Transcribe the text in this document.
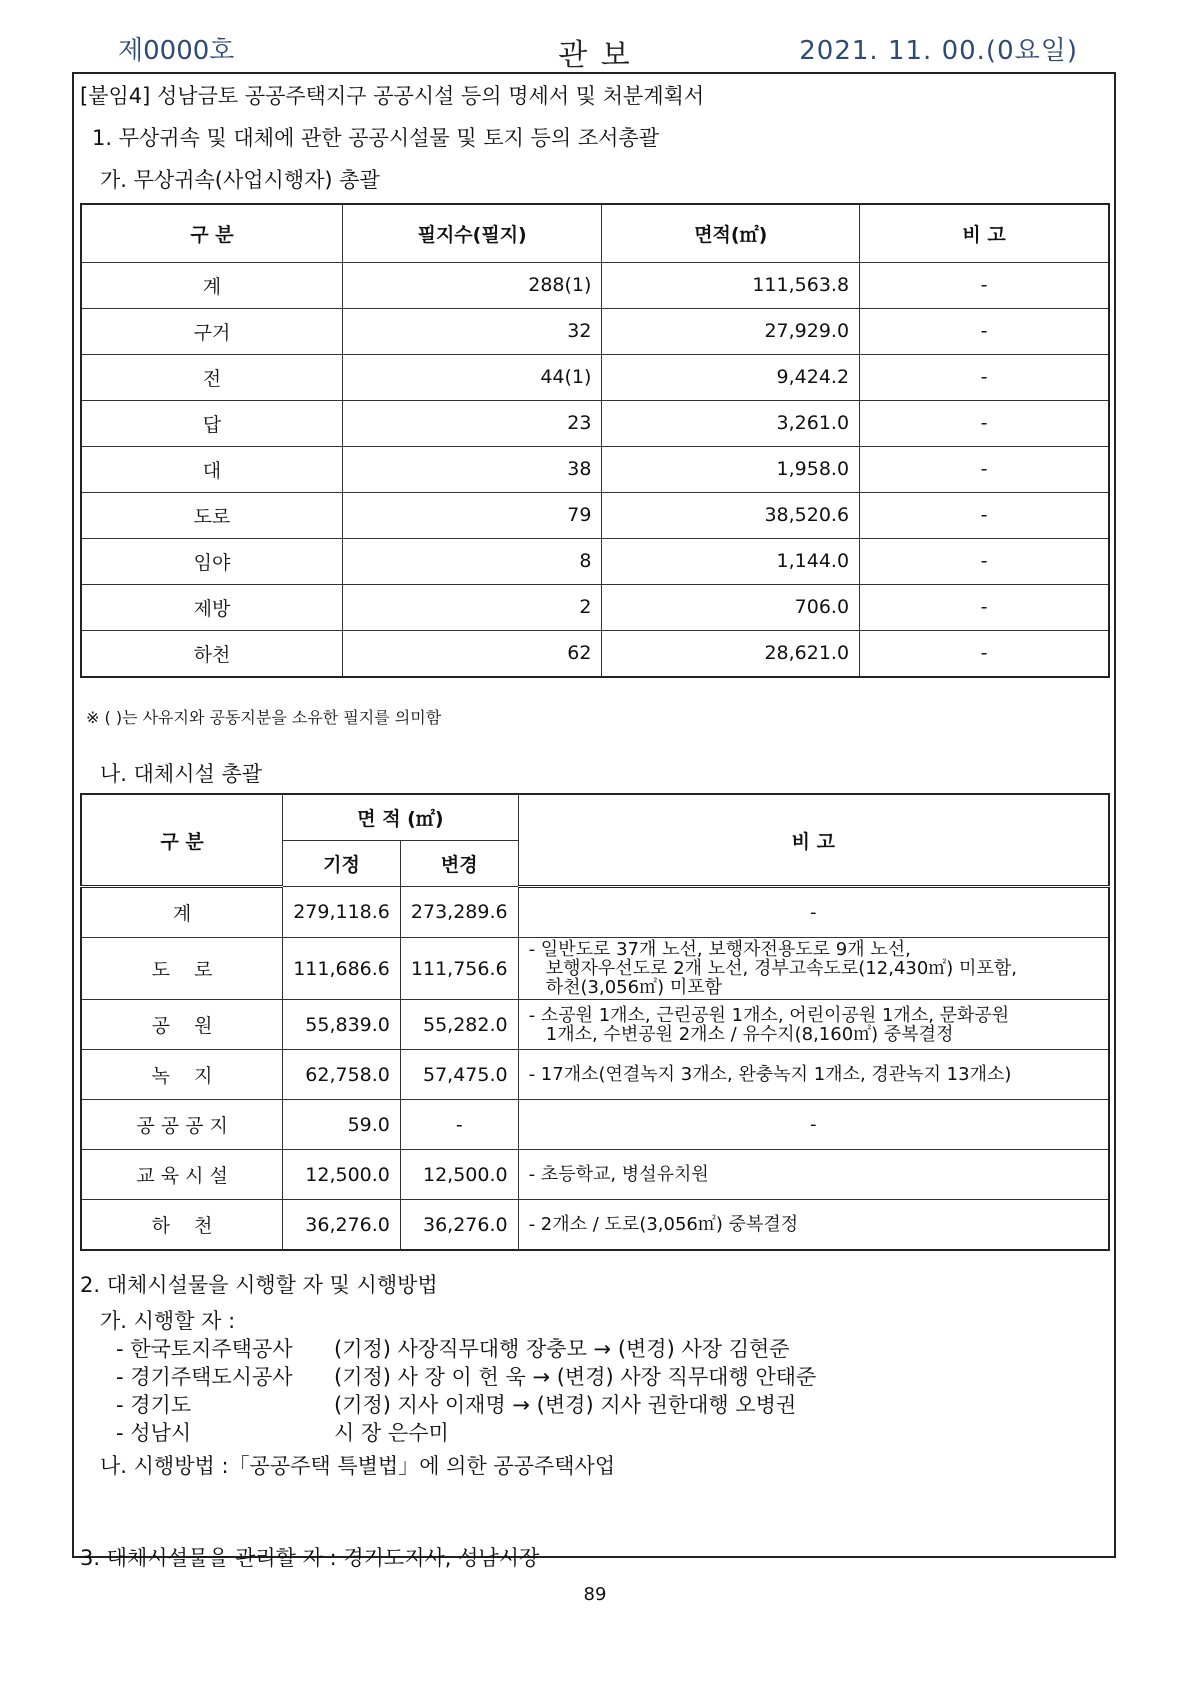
제0000호	관 보	2021. 11. 00.(0요일)
[붙임4] 성남금토 공공주택지구 공공시설 등의 명세서 및 처분계획서
1. 무상귀속 및 대체에 관한 공공시설물 및 토지 등의 조서총괄
가. 무상귀속(사업시행자) 총괄
구 분	필지수(필지)	면적(㎡)	비 고
계	288(1)	111,563.8	-
구거	32	27,929.0	-
전	44(1)	9,424.2	-
답	23	3,261.0	-
대	38	1,958.0	-
도로	79	38,520.6	-
임야	8	1,144.0	-
제방	2	706.0	-
하천	62	28,621.0	-
※ ( )는 사유지와 공동지분을 소유한 필지를 의미함
나. 대체시설 총괄
구 분	면 적 (㎡)		비 고
	기정	변경	
계	279,118.6	273,289.6	-

도    로	111,686.6	111,756.6	- 일반도로 37개 노선, 보행자전용도로 9개 노선,
보행자우선도로 2개 노선, 경부고속도로(12,430㎡) 미포함,
하천(3,056㎡) 미포함

공    원	55,839.0	55,282.0	- 소공원 1개소, 근린공원 1개소, 어린이공원 1개소, 문화공원
1개소, 수변공원 2개소 / 유수지(8,160㎡) 중복결정

녹    지	62,758.0	57,475.0	- 17개소(연결녹지 3개소, 완충녹지 1개소, 경관녹지 13개소)

공 공 공 지	59.0	-	-

교 육 시 설	12,500.0	12,500.0	- 초등학교, 병설유치원

하    천	36,276.0	36,276.0	- 2개소 / 도로(3,056㎡) 중복결정
2. 대체시설물을 시행할 자 및 시행방법
가. 시행할 자 :
- 한국토지주택공사 (기정) 사장직무대행 장충모 → (변경) 사장 김현준
- 경기주택도시공사 (기정) 사 장 이 헌 욱 → (변경) 사장 직무대행 안태준
- 경기도	(기정) 지사 이재명 → (변경) 지사 권한대행 오병권
- 성남시	시 장 은수미
나. 시행방법 :「공공주택 특별법」에 의한 공공주택사업
3. 대체시설물을 관리할 자 : 경기도지사, 성남시장
89
